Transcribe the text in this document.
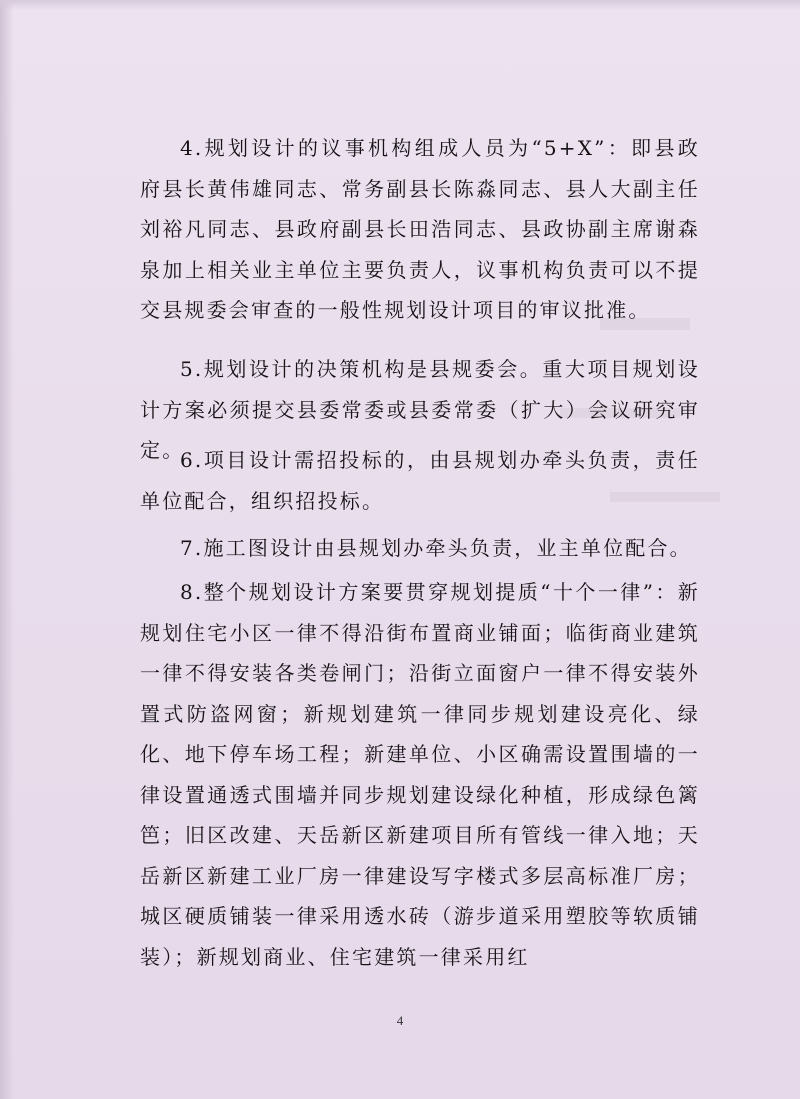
4.规划设计的议事机构组成人员为“5+X”：即县政府县长黄伟雄同志、常务副县长陈淼同志、县人大副主任刘裕凡同志、县政府副县长田浩同志、县政协副主席谢森泉加上相关业主单位主要负责人，议事机构负责可以不提交县规委会审查的一般性规划设计项目的审议批准。

5.规划设计的决策机构是县规委会。重大项目规划设计方案必须提交县委常委或县委常委（扩大）会议研究审定。

6.项目设计需招投标的，由县规划办牵头负责，责任单位配合，组织招投标。

7.施工图设计由县规划办牵头负责，业主单位配合。

8.整个规划设计方案要贯穿规划提质“十个一律”：新规划住宅小区一律不得沿街布置商业铺面；临街商业建筑一律不得安装各类卷闸门；沿街立面窗户一律不得安装外置式防盗网窗；新规划建筑一律同步规划建设亮化、绿化、地下停车场工程；新建单位、小区确需设置围墙的一律设置通透式围墙并同步规划建设绿化种植，形成绿色篱笆；旧区改建、天岳新区新建项目所有管线一律入地；天岳新区新建工业厂房一律建设写字楼式多层高标准厂房；城区硬质铺装一律采用透水砖（游步道采用塑胶等软质铺装）；新规划商业、住宅建筑一律采用红

4
